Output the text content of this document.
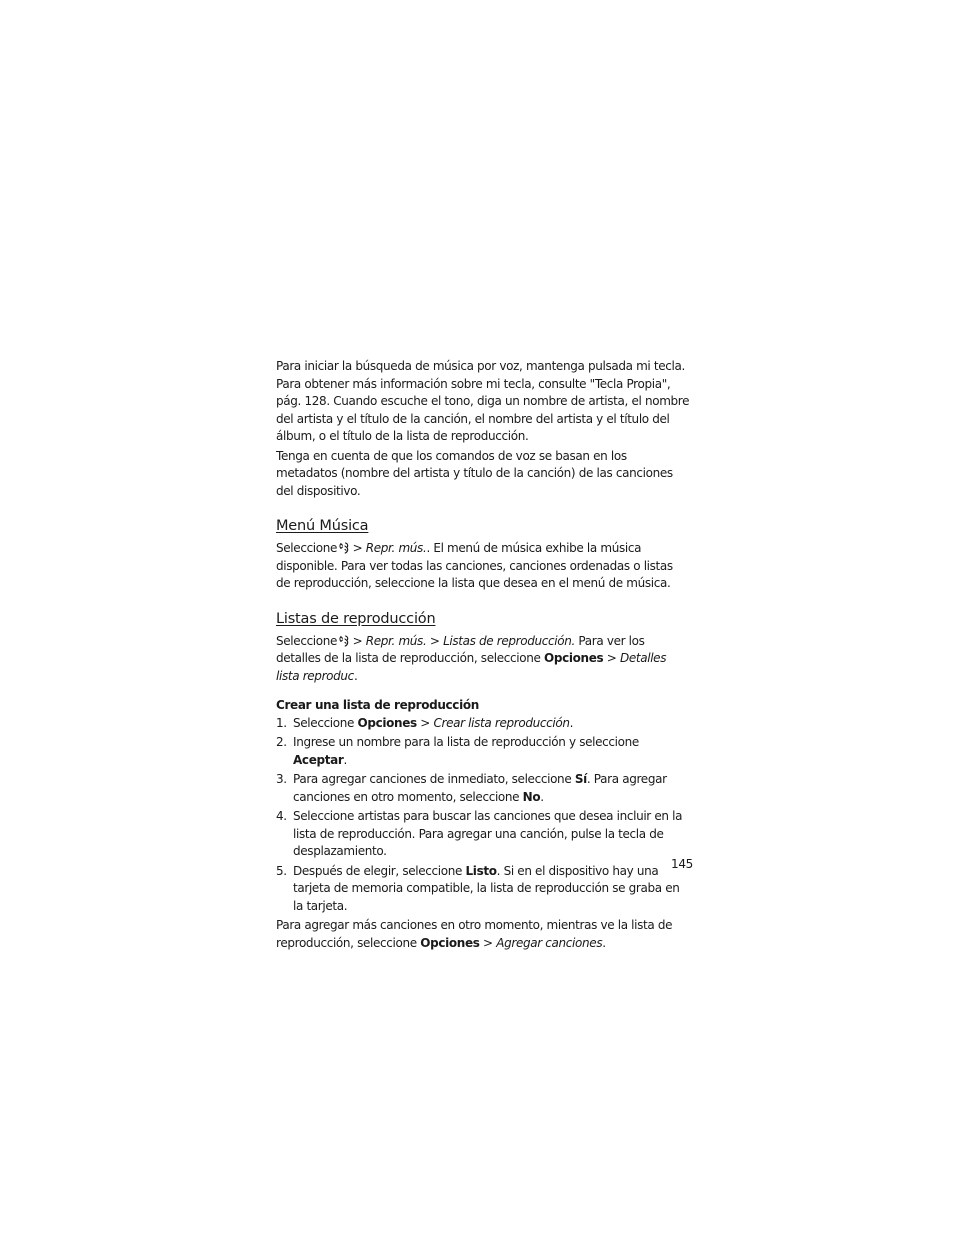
Para iniciar la búsqueda de música por voz, mantenga pulsada mi tecla. Para obtener más información sobre mi tecla, consulte "Tecla Propia", pág. 128. Cuando escuche el tono, diga un nombre de artista, el nombre del artista y el título de la canción, el nombre del artista y el título del álbum, o el título de la lista de reproducción.

Tenga en cuenta de que los comandos de voz se basan en los metadatos (nombre del artista y título de la canción) de las canciones del dispositivo.

Menú Música

Seleccione  > Repr. mús.. El menú de música exhibe la música disponible. Para ver todas las canciones, canciones ordenadas o listas de reproducción, seleccione la lista que desea en el menú de música.

Listas de reproducción

Seleccione  > Repr. mús. > Listas de reproducción. Para ver los detalles de la lista de reproducción, seleccione Opciones > Detalles lista reproduc.

Crear una lista de reproducción
1. Seleccione Opciones > Crear lista reproducción.
2. Ingrese un nombre para la lista de reproducción y seleccione Aceptar.
3. Para agregar canciones de inmediato, seleccione Sí. Para agregar canciones en otro momento, seleccione No.
4. Seleccione artistas para buscar las canciones que desea incluir en la lista de reproducción. Para agregar una canción, pulse la tecla de desplazamiento.
5. Después de elegir, seleccione Listo. Si en el dispositivo hay una tarjeta de memoria compatible, la lista de reproducción se graba en la tarjeta.

Para agregar más canciones en otro momento, mientras ve la lista de reproducción, seleccione Opciones > Agregar canciones.

145
